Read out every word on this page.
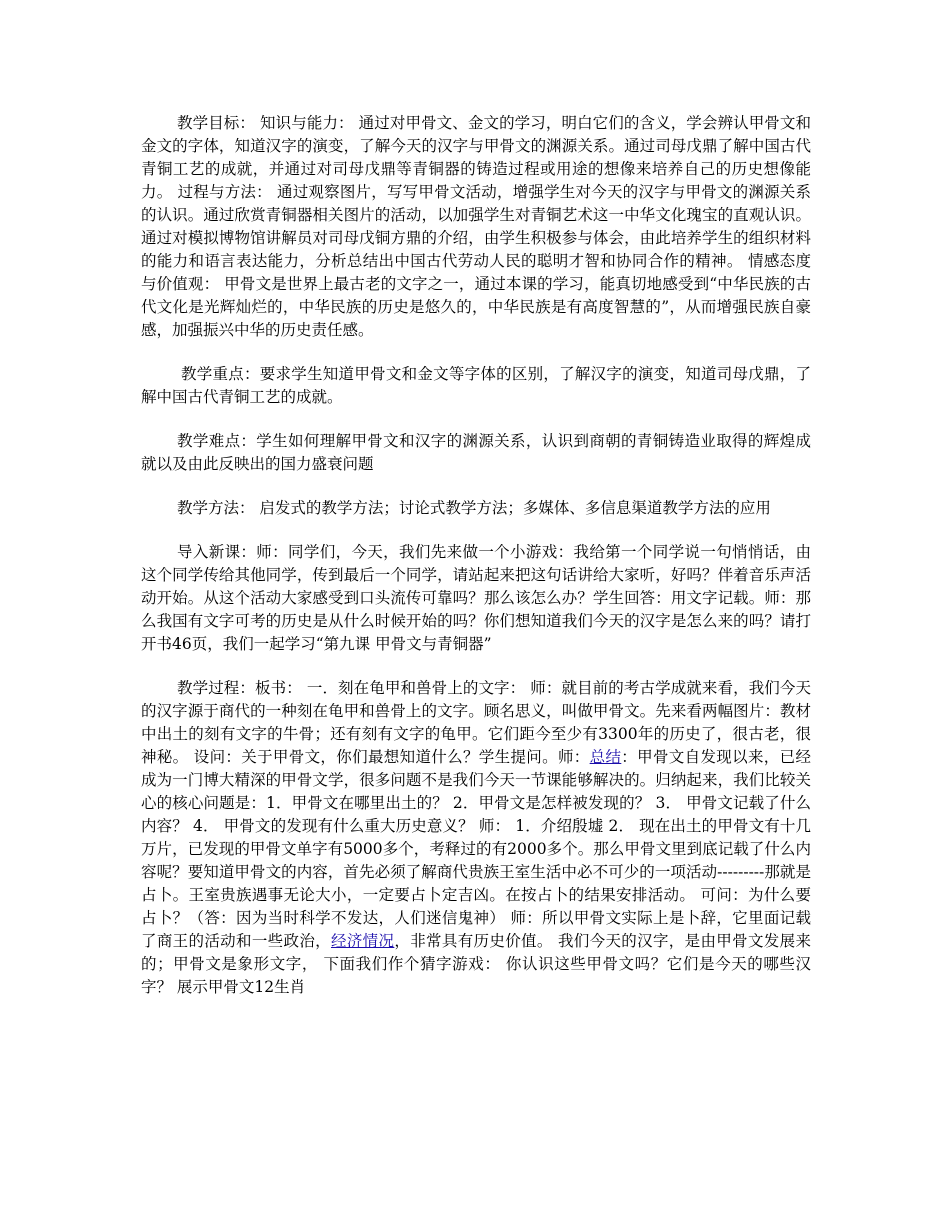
教学目标： 知识与能力： 通过对甲骨文、金文的学习，明白它们的含义，学会辨认甲骨文和金文的字体，知道汉字的演变，了解今天的汉字与甲骨文的渊源关系。通过司母戊鼎了解中国古代青铜工艺的成就，并通过对司母戊鼎等青铜器的铸造过程或用途的想像来培养自己的历史想像能力。 过程与方法： 通过观察图片，写写甲骨文活动，增强学生对今天的汉字与甲骨文的渊源关系的认识。通过欣赏青铜器相关图片的活动，以加强学生对青铜艺术这一中华文化瑰宝的直观认识。通过对模拟博物馆讲解员对司母戊铜方鼎的介绍，由学生积极参与体会，由此培养学生的组织材料的能力和语言表达能力，分析总结出中国古代劳动人民的聪明才智和协同合作的精神。 情感态度与价值观： 甲骨文是世界上最古老的文字之一，通过本课的学习，能真切地感受到“中华民族的古代文化是光辉灿烂的，中华民族的历史是悠久的，中华民族是有高度智慧的”，从而增强民族自豪感，加强振兴中华的历史责任感。

教学重点：要求学生知道甲骨文和金文等字体的区别，了解汉字的演变，知道司母戊鼎，了解中国古代青铜工艺的成就。

教学难点：学生如何理解甲骨文和汉字的渊源关系，认识到商朝的青铜铸造业取得的辉煌成就以及由此反映出的国力盛衰问题

教学方法： 启发式的教学方法；讨论式教学方法；多媒体、多信息渠道教学方法的应用

导入新课：师：同学们，今天，我们先来做一个小游戏：我给第一个同学说一句悄悄话，由这个同学传给其他同学，传到最后一个同学，请站起来把这句话讲给大家听，好吗？伴着音乐声活动开始。从这个活动大家感受到口头流传可靠吗？那么该怎么办？学生回答：用文字记载。师：那么我国有文字可考的历史是从什么时候开始的吗？你们想知道我们今天的汉字是怎么来的吗？请打开书46页，我们一起学习“第九课 甲骨文与青铜器”

教学过程：板书： 一．刻在龟甲和兽骨上的文字： 师：就目前的考古学成就来看，我们今天的汉字源于商代的一种刻在龟甲和兽骨上的文字。顾名思义，叫做甲骨文。先来看两幅图片：教材中出土的刻有文字的牛骨；还有刻有文字的龟甲。它们距今至少有3300年的历史了，很古老，很神秘。 设问：关于甲骨文，你们最想知道什么？学生提问。师：总结：甲骨文自发现以来，已经成为一门博大精深的甲骨文学，很多问题不是我们今天一节课能够解决的。归纳起来，我们比较关心的核心问题是：1．甲骨文在哪里出土的？ 2．甲骨文是怎样被发现的？ 3． 甲骨文记载了什么内容？ 4． 甲骨文的发现有什么重大历史意义？ 师： 1．介绍殷墟 2． 现在出土的甲骨文有十几万片，已发现的甲骨文单字有5000多个，考释过的有2000多个。那么甲骨文里到底记载了什么内容呢？要知道甲骨文的内容，首先必须了解商代贵族王室生活中必不可少的一项活动---------那就是占卜。王室贵族遇事无论大小，一定要占卜定吉凶。在按占卜的结果安排活动。 可问：为什么要占卜？（答：因为当时科学不发达，人们迷信鬼神） 师：所以甲骨文实际上是卜辞，它里面记载了商王的活动和一些政治，经济情况，非常具有历史价值。 我们今天的汉字，是由甲骨文发展来的；甲骨文是象形文字， 下面我们作个猜字游戏： 你认识这些甲骨文吗？它们是今天的哪些汉字？ 展示甲骨文12生肖
